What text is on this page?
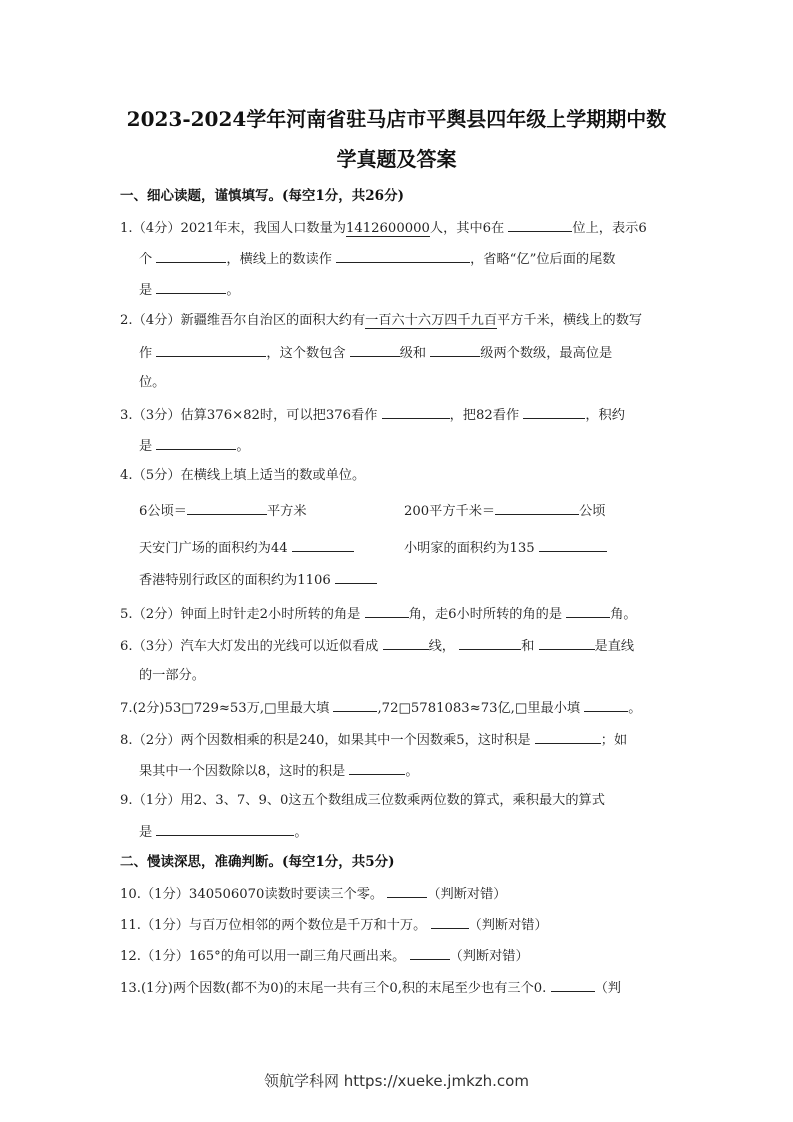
2023-2024学年河南省驻马店市平舆县四年级上学期期中数
学真题及答案
一、细心读题，谨慎填写。(每空1分，共26分)
1.（4分）2021年末，我国人口数量为1412600000人，其中6在	位上，表示6
个	，横线上的数读作	，省略“亿”位后面的尾数
是	。
2.（4分）新疆维吾尔自治区的面积大约有一百六十六万四千九百平方千米，横线上的数写
作	，这个数包含	级和	级两个数级，最高位是
位。
3.（3分）估算376×82时，可以把376看作	，把82看作	，积约
是	。
4.（5分）在横线上填上适当的数或单位。
6公顷＝	平方米	200平方千米＝	公顷
天安门广场的面积约为44	小明家的面积约为135
香港特别行政区的面积约为1106
5.（2分）钟面上时针走2小时所转的角是	角，走6小时所转的角的是	角。
6.（3分）汽车大灯发出的光线可以近似看成	线，	和	是直线
的一部分。
7.(2分)53□729≈53万,□里最大填	,72□5781083≈73亿,□里最小填	。
8.（2分）两个因数相乘的积是240，如果其中一个因数乘5，这时积是	；如
果其中一个因数除以8，这时的积是	。
9.（1分）用2、3、7、9、0这五个数组成三位数乘两位数的算式，乘积最大的算式
是	。
二、慢读深思，准确判断。(每空1分，共5分)
10.（1分）340506070读数时要读三个零。	（判断对错）
11.（1分）与百万位相邻的两个数位是千万和十万。	（判断对错）
12.（1分）165°的角可以用一副三角尺画出来。	（判断对错）
13.(1分)两个因数(都不为0)的末尾一共有三个0,积的末尾至少也有三个0.	（判
领航学科网 https://xueke.jmkzh.com
